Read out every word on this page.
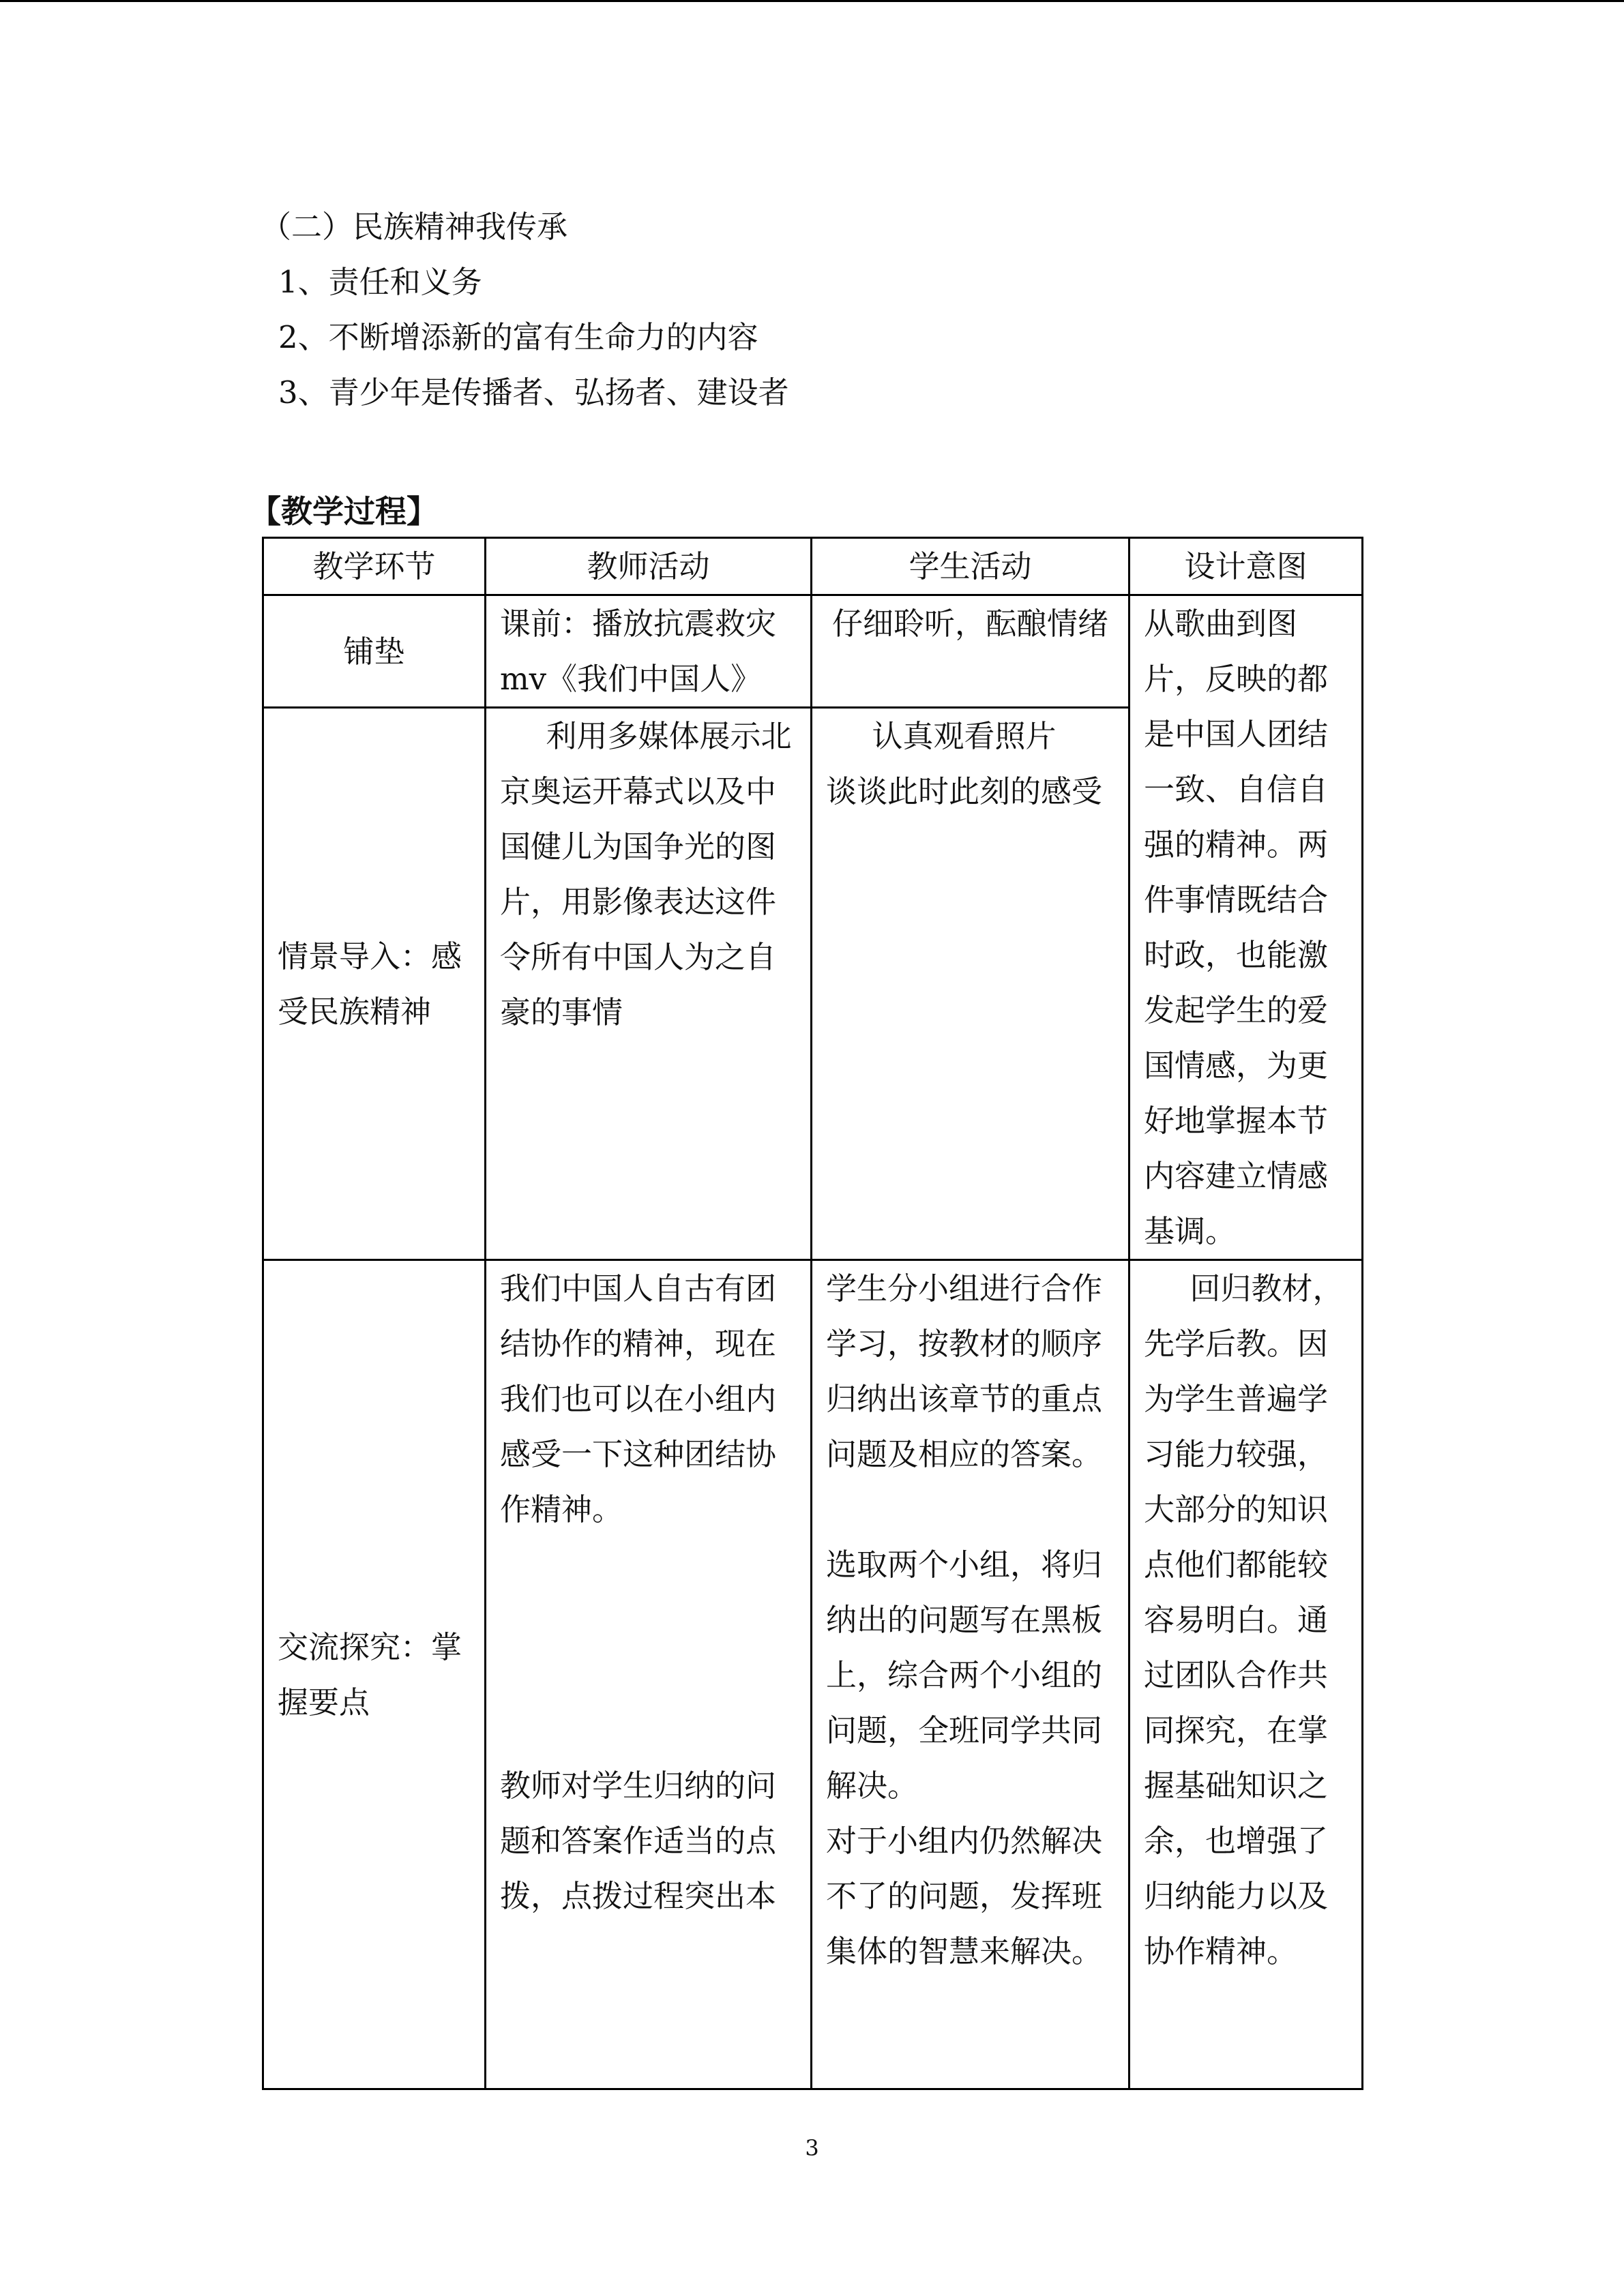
（二）民族精神我传承
1、责任和义务
2、不断增添新的富有生命力的内容
3、青少年是传播者、弘扬者、建设者
【教学过程】
教学环节	教师活动	学生活动	设计意图
铺垫	课前：播放抗震救灾mv《我们中国人》	仔细聆听，酝酿情绪	从歌曲到图片，反映的都是中国人团结一致、自信自强的精神。两件事情既结合时政，也能激发起学生的爱国情感，为更好地掌握本节内容建立情感基调。
情景导入：感受民族精神	利用多媒体展示北京奥运开幕式以及中国健儿为国争光的图片，用影像表达这件令所有中国人为之自豪的事情	认真观看照片
谈谈此时此刻的感受	

交流探究：掌握要点	我们中国人自古有团结协作的精神，现在我们也可以在小组内感受一下这种团结协作精神。
教师对学生归纳的问题和答案作适当的点拨，点拨过程突出本	学生分小组进行合作学习，按教材的顺序归纳出该章节的重点问题及相应的答案。
选取两个小组，将归纳出的问题写在黑板上，综合两个小组的问题，全班同学共同解决。
对于小组内仍然解决不了的问题，发挥班集体的智慧来解决。	回归教材，先学后教。因为学生普遍学习能力较强，大部分的知识点他们都能较容易明白。通过团队合作共同探究，在掌握基础知识之余，也增强了归纳能力以及协作精神。
3
